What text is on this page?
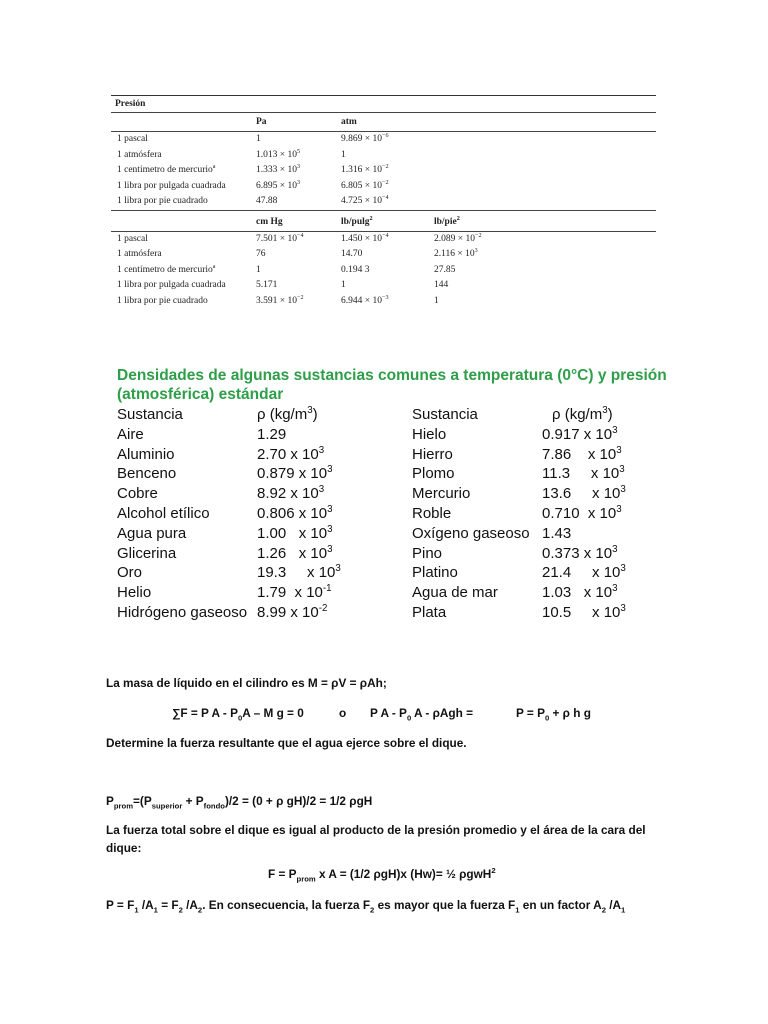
Presión
Pa	atm
1 pascal	1	$9.869 \times 10^{-6}$
1 atmósfera	$1.013 \times 10^5$	1
1 centímetro de mercurio$^a$	$1.333 \times 10^3$	$1.316 \times 10^{-2}$
1 libra por pulgada cuadrada	$6.895 \times 10^3$	$6.805 \times 10^{-2}$
1 libra por pie cuadrado	47.88	$4.725 \times 10^{-4}$
cm Hg	lb/pulg$^2$	lb/pie$^2$
1 pascal	$7.501 \times 10^{-4}$	$1.450 \times 10^{-4}$	$2.089 \times 10^{-2}$
1 atmósfera	76	14.70	$2.116 \times 10^3$
1 centímetro de mercurio$^a$	1	0.194 3	27.85
1 libra por pulgada cuadrada	5.171	1	144
1 libra por pie cuadrado	$3.591 \times 10^{-2}$	$6.944 \times 10^{-3}$	1
Densidades de algunas sustancias comunes a temperatura (0°C) y presión (atmosférica) estándar
Sustancia	ρ $(kg/m^3)$
Aire	1.29
Aluminio	2.70 x $10^3$
Benceno	0.879 x $10^3$
Cobre	8.92 x $10^3$
Alcohol etílico	0.806 x $10^3$
Agua pura	1.00   x $10^3$
Glicerina	1.26   x $10^3$
Oro	19.3     x $10^3$
Helio	1.79  x $10^{-1}$
Hidrógeno gaseoso 8.99 x $10^{-2}$
Sustancia	ρ $(kg/m^3)$
Hielo	0.917 x $10^3$
Hierro	7.86    x $10^3$
Plomo	11.3     x $10^3$
Mercurio	13.6     x $10^3$
Roble	0.710  x $10^3$
Oxígeno gaseoso 1.43
Pino	0.373 x $10^3$
Platino	21.4     x $10^3$
Agua de mar	1.03   x $10^3$
Plata	10.5     x $10^3$
La masa de líquido en el cilindro es M = ρV = ρAh;
∑F = P A - $P_0A$ – M g = 0	o P A - $P_0$ A - ρAgh =	$P = P_0 + \rho$ h g
Determine la fuerza resultante que el agua ejerce sobre el dique.
$P_{prom}=(P_{superior} + P_{fondo})/2 = (0 + \rho$ gH)/2 = 1/2 ρgH
La fuerza total sobre el dique es igual al producto de la presión promedio y el área de la cara del
dique:
$F = P_{prom}$ x A = (1/2 ρgH)x (Hw)= ½ ρgwH$^2$
$P = F_1$ $/A_1 = F_2$ $/A_2$. En consecuencia, la fuerza $F_2$ es mayor que la fuerza $F_1$ en un factor $A_2$ $/A_1$
